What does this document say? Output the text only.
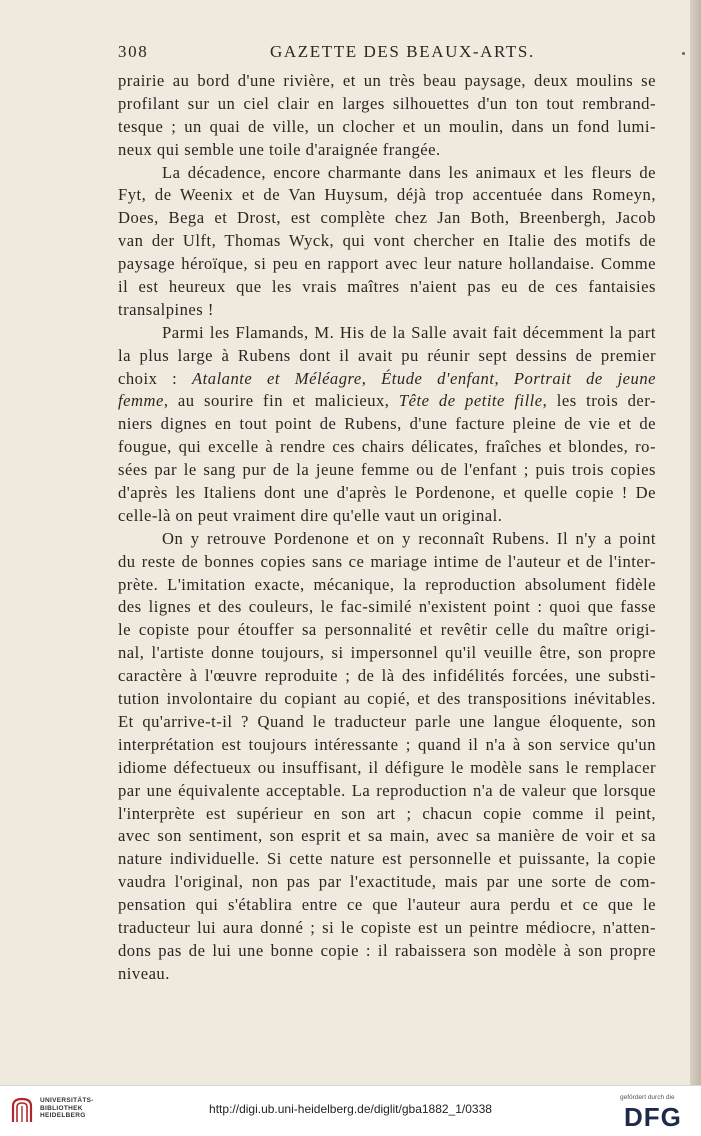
308	GAZETTE DES BEAUX-ARTS.
prairie au bord d'une rivière, et un très beau paysage, deux moulins se
profilant sur un ciel clair en larges silhouettes d'un ton tout rembrand-
tesque ; un quai de ville, un clocher et un moulin, dans un fond lumi-
neux qui semble une toile d'araignée frangée.
La décadence, encore charmante dans les animaux et les fleurs de
Fyt, de Weenix et de Van Huysum, déjà trop accentuée dans Romeyn,
Does, Bega et Drost, est complète chez Jan Both, Breenbergh, Jacob
van der Ulft, Thomas Wyck, qui vont chercher en Italie des motifs de
paysage héroïque, si peu en rapport avec leur nature hollandaise. Comme
il est heureux que les vrais maîtres n'aient pas eu de ces fantaisies
transalpines !
Parmi les Flamands, M. His de la Salle avait fait décemment la part
la plus large à Rubens dont il avait pu réunir sept dessins de premier
choix : Atalante et Méléagre, Étude d'enfant, Portrait de jeune
femme, au sourire fin et malicieux, Tête de petite fille, les trois der-
niers dignes en tout point de Rubens, d'une facture pleine de vie et de
fougue, qui excelle à rendre ces chairs délicates, fraîches et blondes, ro-
sées par le sang pur de la jeune femme ou de l'enfant ; puis trois copies
d'après les Italiens dont une d'après le Pordenone, et quelle copie ! De
celle-là on peut vraiment dire qu'elle vaut un original.
On y retrouve Pordenone et on y reconnaît Rubens. Il n'y a point
du reste de bonnes copies sans ce mariage intime de l'auteur et de l'inter-
prète. L'imitation exacte, mécanique, la reproduction absolument fidèle
des lignes et des couleurs, le fac-similé n'existent point : quoi que fasse
le copiste pour étouffer sa personnalité et revêtir celle du maître origi-
nal, l'artiste donne toujours, si impersonnel qu'il veuille être, son propre
caractère à l'œuvre reproduite ; de là des infidélités forcées, une substi-
tution involontaire du copiant au copié, et des transpositions inévitables.
Et qu'arrive-t-il ? Quand le traducteur parle une langue éloquente, son
interprétation est toujours intéressante ; quand il n'a à son service qu'un
idiome défectueux ou insuffisant, il défigure le modèle sans le remplacer
par une équivalente acceptable. La reproduction n'a de valeur que lorsque
l'interprète est supérieur en son art ; chacun copie comme il peint,
avec son sentiment, son esprit et sa main, avec sa manière de voir et sa
nature individuelle. Si cette nature est personnelle et puissante, la copie
vaudra l'original, non pas par l'exactitude, mais par une sorte de com-
pensation qui s'établira entre ce que l'auteur aura perdu et ce que le
traducteur lui aura donné ; si le copiste est un peintre médiocre, n'atten-
dons pas de lui une bonne copie : il rabaissera son modèle à son propre
niveau.
UNIVERSITÄTS-
BIBLIOTHEK
HEIDELBERG	http://digi.ub.uni-heidelberg.de/diglit/gba1882_1/0338
gefördert durch die
DFG
